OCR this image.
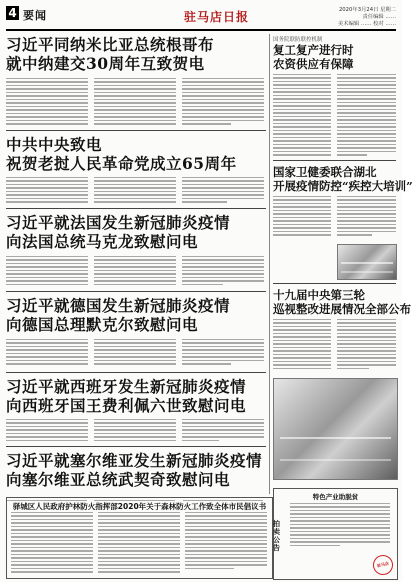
4 要闻	驻马店日报	2020年3月24日 星期二
责任编辑 ……
美术编辑 …… 校对 ……
习近平同纳米比亚总统根哥布
就中纳建交30周年互致贺电
中共中央致电
祝贺老挝人民革命党成立65周年
习近平就法国发生新冠肺炎疫情
向法国总统马克龙致慰问电
习近平就德国发生新冠肺炎疫情
向德国总理默克尔致慰问电
习近平就西班牙发生新冠肺炎疫情
向西班牙国王费利佩六世致慰问电
习近平就塞尔维亚发生新冠肺炎疫情
向塞尔维亚总统武契奇致慰问电
国务院联防联控机制
复工复产进行时
农资供应有保障
国家卫健委联合湖北
开展疫情防控“疾控大培训”
十九届中央第三轮
巡视整改进展情况全部公布
驿城区人民政府护林防火指挥部2020年关于森林防火工作致全体市民倡议书
特色产业助脱贫
驻马店
拍卖公告
